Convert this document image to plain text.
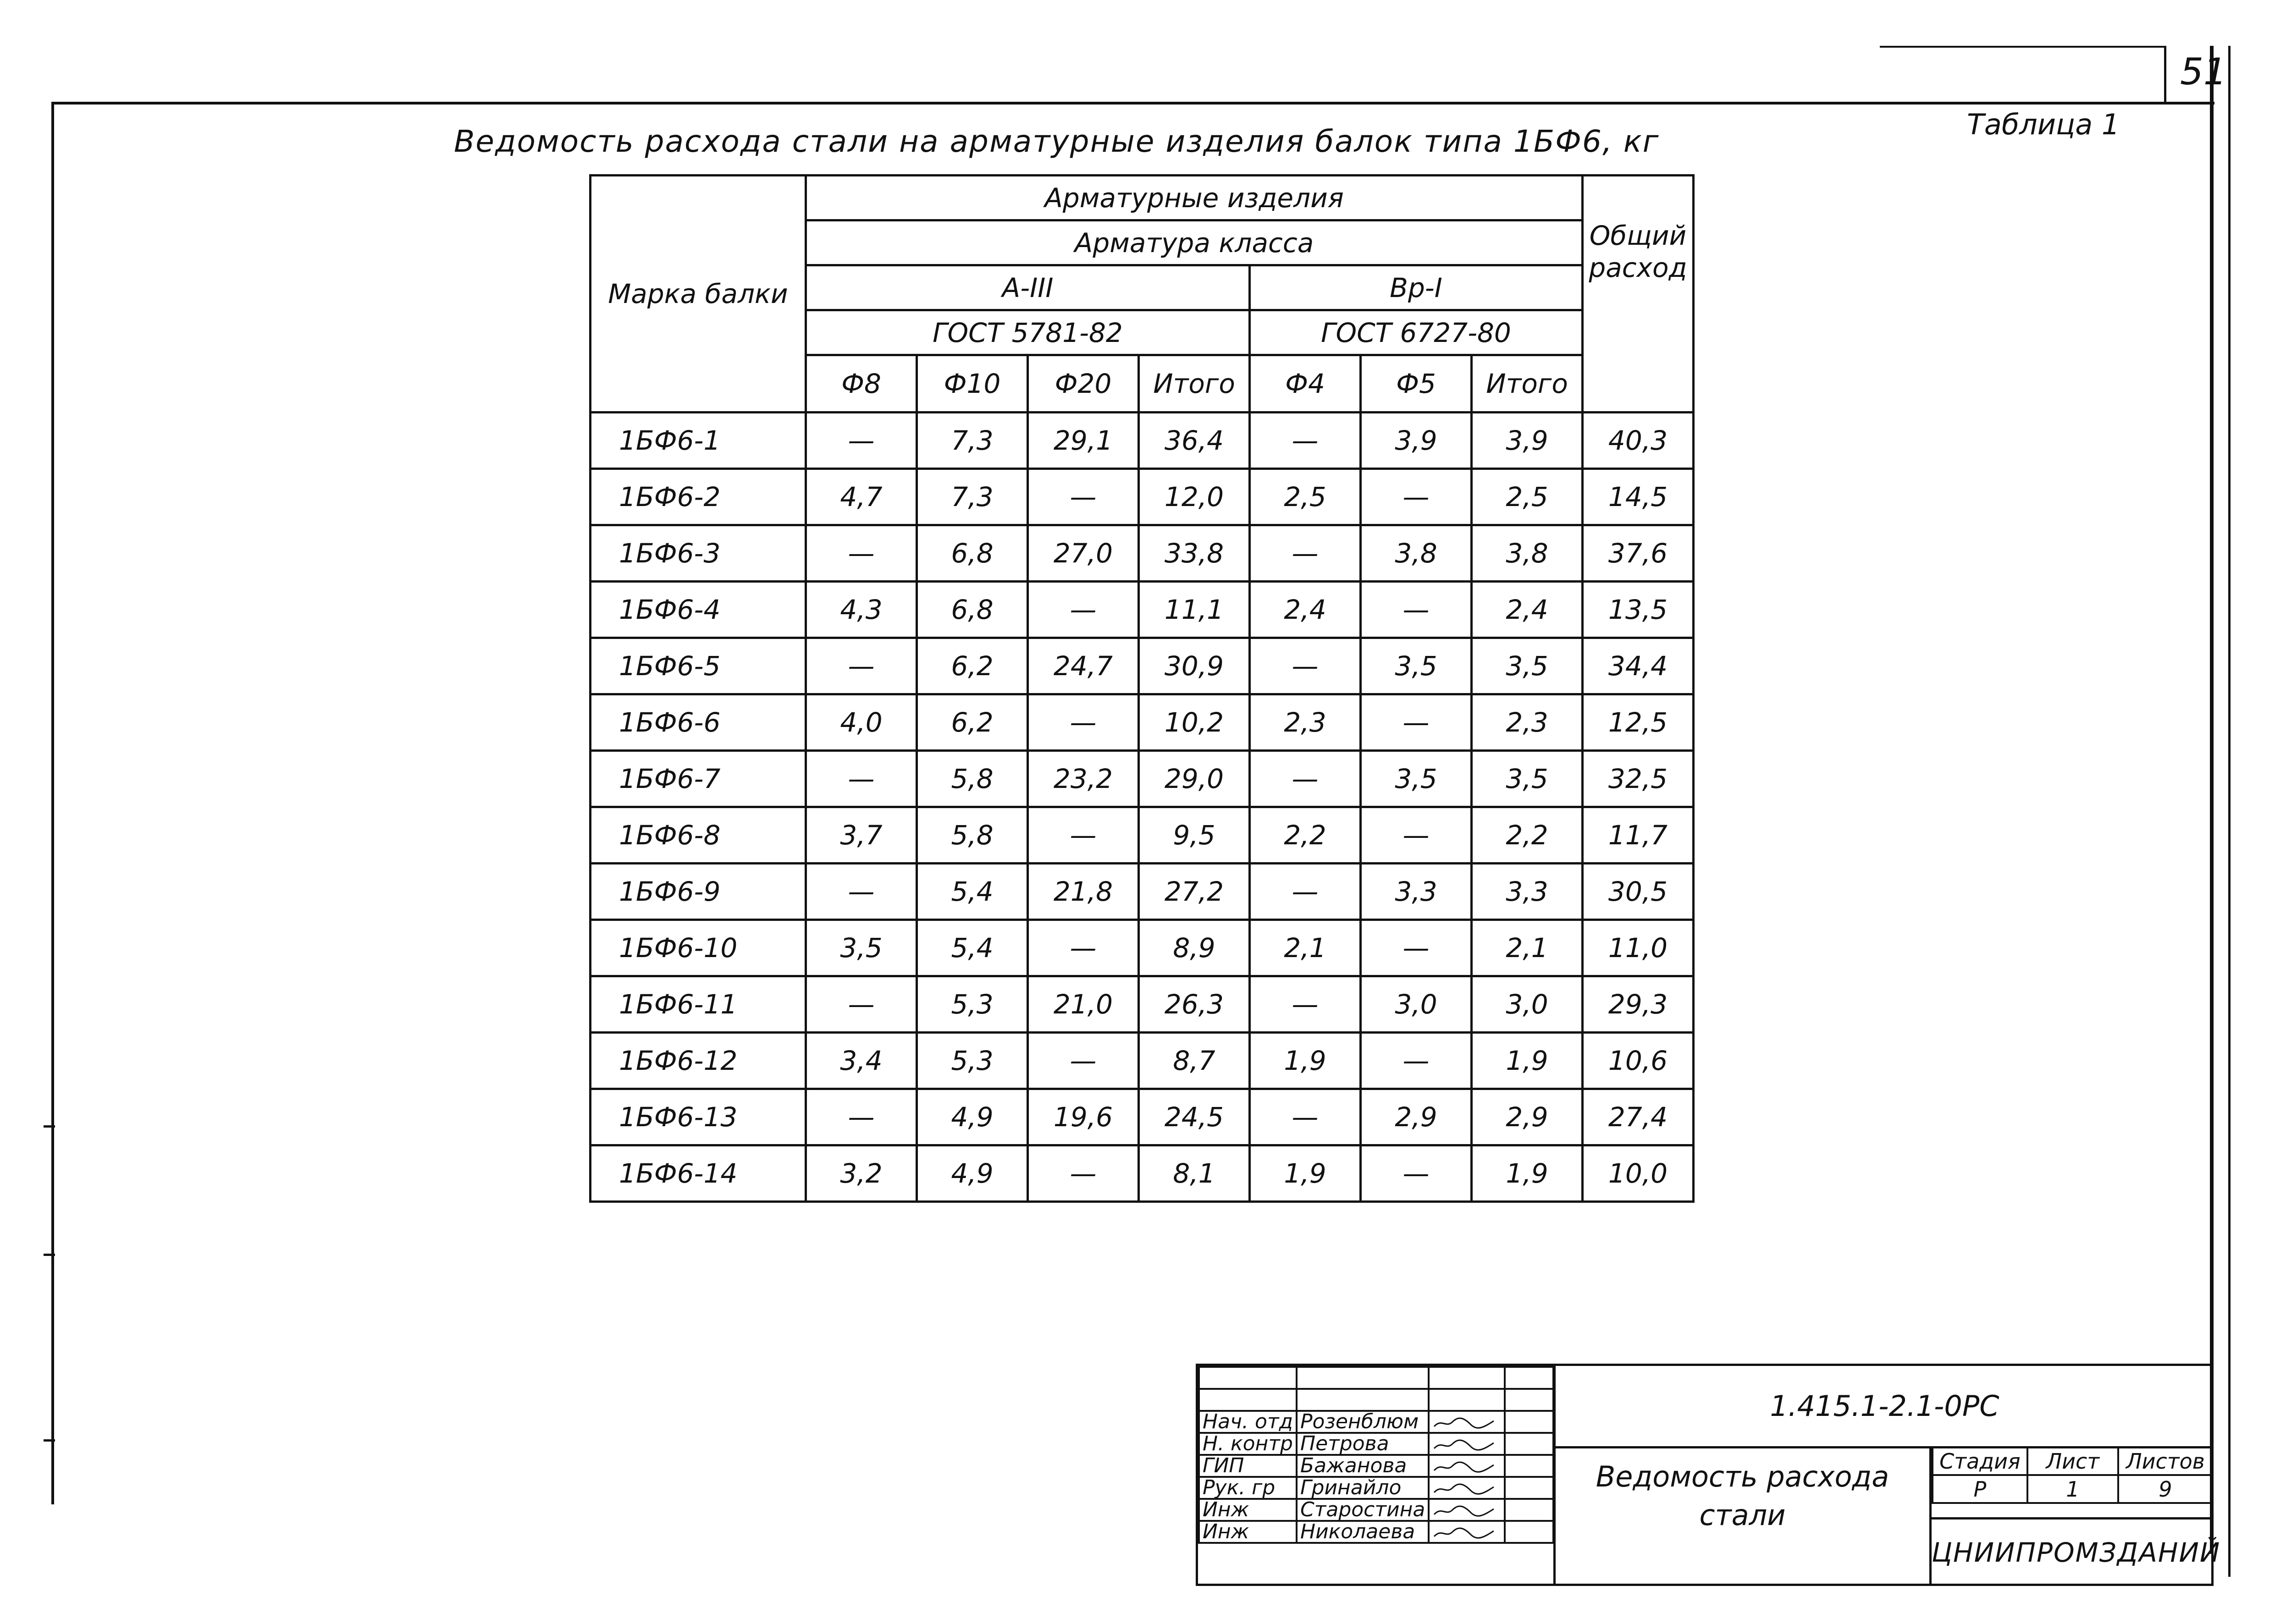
51
Таблица 1
Ведомость расхода стали на арматурные изделия балок типа 1БФ6, кг
Марка балки	Арматурные изделия							Общий расход
	Арматура класса							
	А-III				Вр-I			
	ГОСТ 5781-82				ГОСТ 6727-80			
	Ф8	Ф10	Ф20	Итого	Ф4	Ф5	Итого	
1БФ6-1	—	7,3	29,1	36,4	—	3,9	3,9	40,3
1БФ6-2	4,7	7,3	—	12,0	2,5	—	2,5	14,5
1БФ6-3	—	6,8	27,0	33,8	—	3,8	3,8	37,6
1БФ6-4	4,3	6,8	—	11,1	2,4	—	2,4	13,5
1БФ6-5	—	6,2	24,7	30,9	—	3,5	3,5	34,4
1БФ6-6	4,0	6,2	—	10,2	2,3	—	2,3	12,5
1БФ6-7	—	5,8	23,2	29,0	—	3,5	3,5	32,5
1БФ6-8	3,7	5,8	—	9,5	2,2	—	2,2	11,7
1БФ6-9	—	5,4	21,8	27,2	—	3,3	3,3	30,5
1БФ6-10	3,5	5,4	—	8,9	2,1	—	2,1	11,0
1БФ6-11	—	5,3	21,0	26,3	—	3,0	3,0	29,3
1БФ6-12	3,4	5,3	—	8,7	1,9	—	1,9	10,6
1БФ6-13	—	4,9	19,6	24,5	—	2,9	2,9	27,4
1БФ6-14	3,2	4,9	—	8,1	1,9	—	1,9	10,0

Нач. отд	Розенблюм	

Н. контр	Петрова	

ГИП	Бажанова	

Рук. гр	Гринайло	

Инж	Старостина	

Инж	Николаева	

1.415.1-2.1-0РС
Ведомость расхода
стали
Стадия	Лист	Листов
Р	1	9
ЦНИИПРОМЗДАНИЙ
